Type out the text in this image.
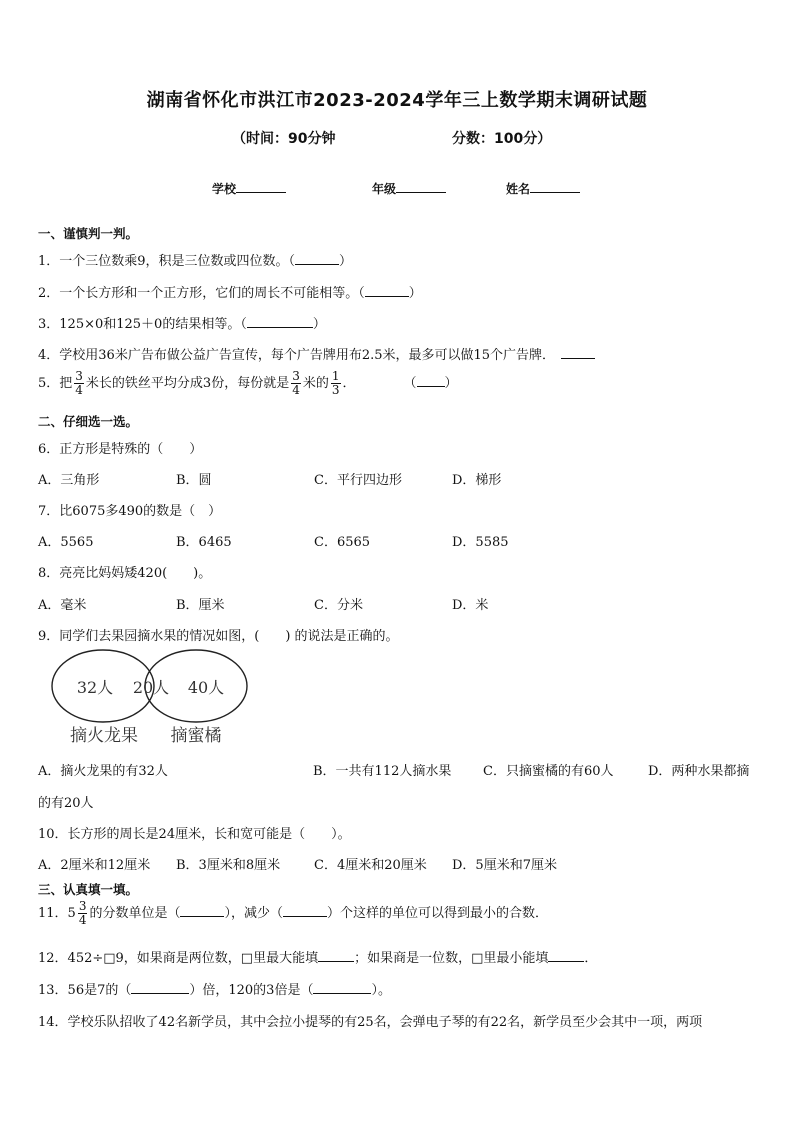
湖南省怀化市洪江市2023-2024学年三上数学期末调研试题
（时间：90分钟	分数：100分）
学校	年级	姓名
一、谨慎判一判。
1．一个三位数乘9，积是三位数或四位数。（	）
2．一个长方形和一个正方形，它们的周长不可能相等。（	）
3．125×0和125＋0的结果相等。（	）
4．学校用36米广告布做公益广告宣传，每个广告牌用布2.5米，最多可以做15个广告牌．
5．把 $\frac{3}{4}$ 米长的铁丝平均分成3份，每份就是 $\frac{3}{4}$ 米的 $\frac{1}{3}$ ．	（ ）
二、仔细选一选。
6．正方形是特殊的（　　）
A．三角形	B．圆	C．平行四边形	D．梯形
7．比6075多490的数是（　）
A．5565	B．6465	C．6565	D．5585
8．亮亮比妈妈矮420(　　)。
A．毫米	B．厘米	C．分米	D．米
9．同学们去果园摘水果的情况如图，(　　) 的说法是正确的。
32人 20人 40人
摘火龙果 摘蜜橘
A．摘火龙果的有32人	B．一共有112人摘水果 C．只摘蜜橘的有60人	D．两种水果都摘
的有20人
10．长方形的周长是24厘米，长和宽可能是（　　）。
A．2厘米和12厘米 B．3厘米和8厘米	C．4厘米和20厘米 D．5厘米和7厘米
三、认真填一填。
11．$5 \frac{3}{4}$ 的分数单位是（	），减少（	）个这样的单位可以得到最小的合数．
12．452÷□9，如果商是两位数，□里最大能填	；如果商是一位数，□里最小能填	．
13．56是7的（	）倍，120的3倍是（	）。
14．学校乐队招收了42名新学员，其中会拉小提琴的有25名，会弹电子琴的有22名，新学员至少会其中一项，两项
